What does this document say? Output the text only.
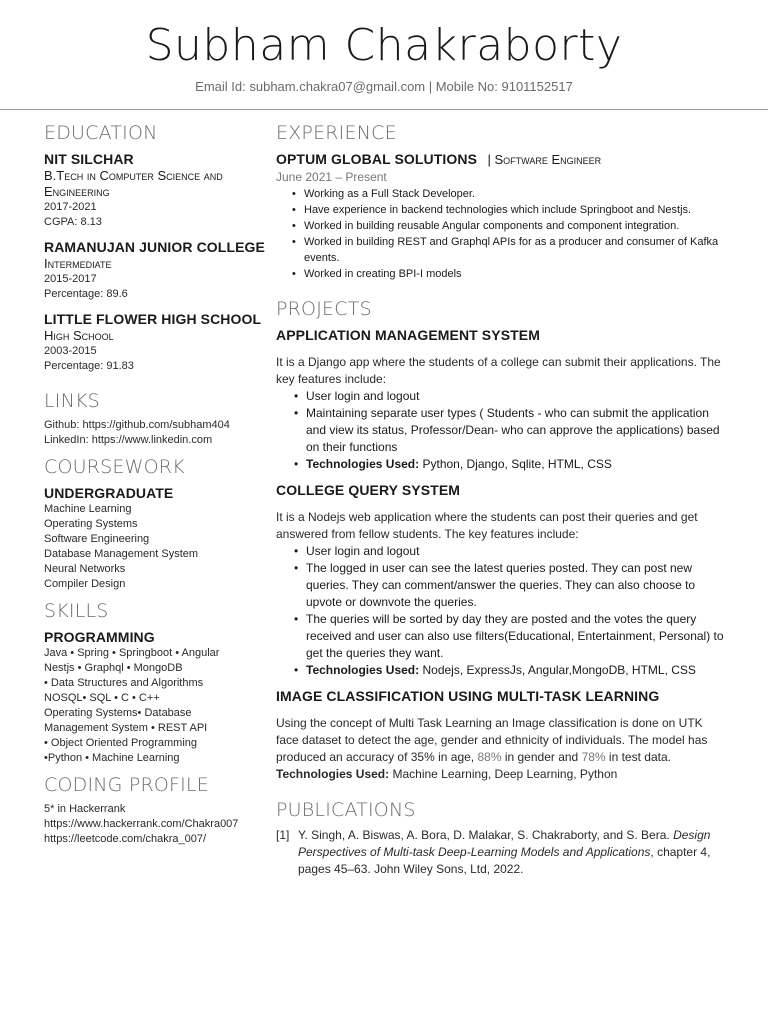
Subham Chakraborty
Email Id: subham.chakra07@gmail.com | Mobile No: 9101152517
EDUCATION
NIT SILCHAR
B.Tech in Computer Science and Engineering
2017-2021
CGPA: 8.13
RAMANUJAN JUNIOR COLLEGE
Intermediate
2015-2017
Percentage: 89.6
LITTLE FLOWER HIGH SCHOOL
High School
2003-2015
Percentage: 91.83
LINKS
Github: https://github.com/subham404
LinkedIn: https://www.linkedin.com
COURSEWORK
UNDERGRADUATE
Machine Learning
Operating Systems
Software Engineering
Database Management System
Neural Networks
Compiler Design
SKILLS
PROGRAMMING
Java • Spring • Springboot • Angular
Nestjs • Graphql • MongoDB
• Data Structures and Algorithms
NOSQL• SQL • C • C++
Operating Systems• Database
Management System • REST API
• Object Oriented Programming
•Python • Machine Learning
CODING PROFILE
5* in Hackerrank
https://www.hackerrank.com/Chakra007
https://leetcode.com/chakra_007/
EXPERIENCE
OPTUM GLOBAL SOLUTIONS | Software Engineer
June 2021 – Present
• Working as a Full Stack Developer.
• Have experience in backend technologies which include Springboot and Nestjs.
• Worked in building reusable Angular components and component integration.
• Worked in building REST and Graphql APIs for as a producer and consumer of Kafka events.
• Worked in creating BPI-I models
PROJECTS
APPLICATION MANAGEMENT SYSTEM
It is a Django app where the students of a college can submit their applications. The key features include:
• User login and logout
• Maintaining separate user types ( Students - who can submit the application and view its status, Professor/Dean- who can approve the applications) based on their functions
• Technologies Used: Python, Django, Sqlite, HTML, CSS
COLLEGE QUERY SYSTEM
It is a Nodejs web application where the students can post their queries and get answered from fellow students. The key features include:
• User login and logout
• The logged in user can see the latest queries posted. They can post new queries. They can comment/answer the queries. They can also choose to upvote or downvote the queries.
• The queries will be sorted by day they are posted and the votes the query received and user can also use filters(Educational, Entertainment, Personal) to get the queries they want.
• Technologies Used: Nodejs, ExpressJs, Angular,MongoDB, HTML, CSS
IMAGE CLASSIFICATION USING MULTI-TASK LEARNING
Using the concept of Multi Task Learning an Image classification is done on UTK face dataset to detect the age, gender and ethnicity of individuals. The model has produced an accuracy of 35% in age, 88% in gender and 78% in test data.
Technologies Used: Machine Learning, Deep Learning, Python
PUBLICATIONS
[1] Y. Singh, A. Biswas, A. Bora, D. Malakar, S. Chakraborty, and S. Bera. Design Perspectives of Multi-task Deep-Learning Models and Applications, chapter 4, pages 45–63. John Wiley Sons, Ltd, 2022.
